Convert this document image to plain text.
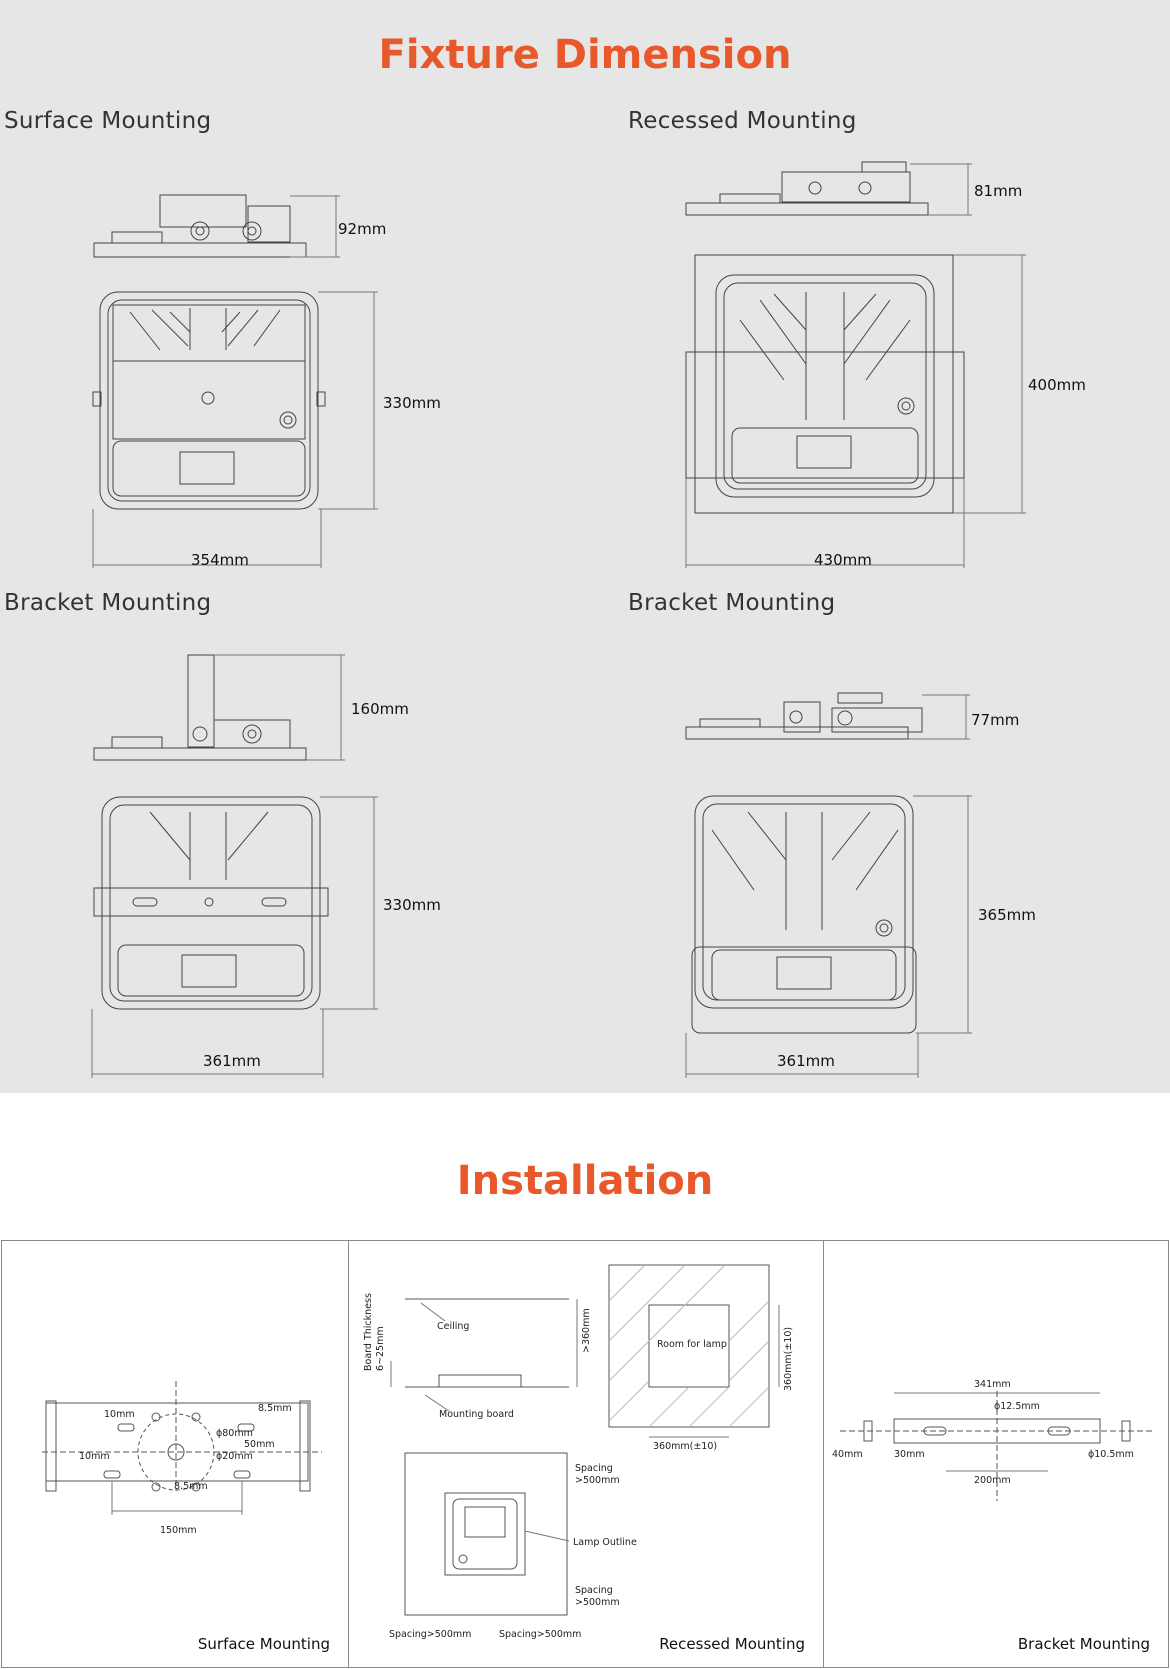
Fixture Dimension
Surface Mounting	Recessed Mounting
Bracket Mounting	Bracket Mounting
92mm
330mm
354mm
81mm
400mm
430mm
160mm
330mm
361mm
77mm
365mm
361mm
Installation
10mm
8.5mm
ϕ80mm
50mm
10mm	ϕ20mm
8.5mm
150mm
Surface Mounting
Board Thickness 6~25mm	Ceiling
Mounting board
>360mm	Room for lamp	360mm(±10)
360mm(±10)
Spacing
>500mm
Lamp Outline
Spacing
>500mm
Spacing>500mm	Spacing>500mm
Recessed Mounting
341mm
ϕ12.5mm
40mm	30mm	ϕ10.5mm
200mm
Bracket Mounting
